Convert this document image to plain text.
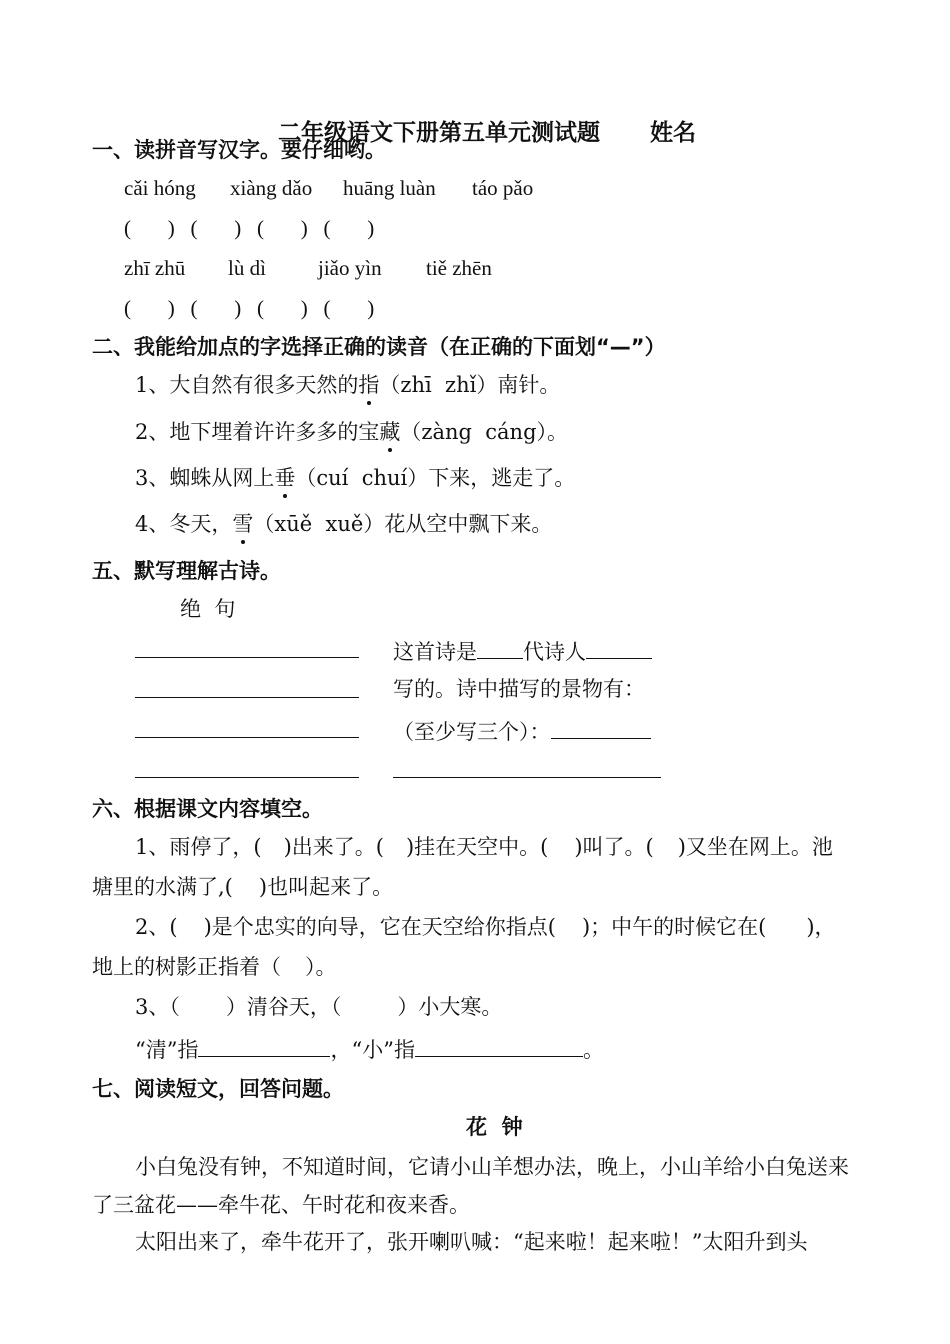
二年级语文下册第五单元测试题 姓名

一、读拼音写汉字。要仔细哟。
cǎi hóng xiàng dǎo huāng luàn táo pǎo
(       )   (       )   (       )   (       )
zhī zhū lù dì jiǎo yìn tiě zhēn
(       )   (       )   (       )   (       )
二、我能给加点的字选择正确的读音（在正确的下面划“—”）
1、大自然有很多天然的指（zhī  zhǐ）南针。
2、地下埋着许许多多的宝藏（zàng  cáng）。
3、蜘蛛从网上垂（cuí  chuí）下来，逃走了。
4、冬天，雪（xūě  xuě）花从空中飘下来。
五、默写理解古诗。
绝  句
这首诗是 代诗人
写的。诗中描写的景物有：
（至少写三个）：
六、根据课文内容填空。
1、雨停了，( )出来了。( )挂在天空中。( )叫了。( )又坐在网上。池
塘里的水满了,( )也叫起来了。
2、( )是个忠实的向导，它在天空给你指点( )；中午的时候它在( )，
地上的树影正指着（ ）。
3、（ ）清谷天，（	）小大寒。
“清”指	，“小”指	。
七、阅读短文，回答问题。
花  钟
小白兔没有钟，不知道时间，它请小山羊想办法，晚上，小山羊给小白兔送来
了三盆花——牵牛花、午时花和夜来香。
太阳出来了，牵牛花开了，张开喇叭喊：“起来啦！起来啦！”太阳升到头
